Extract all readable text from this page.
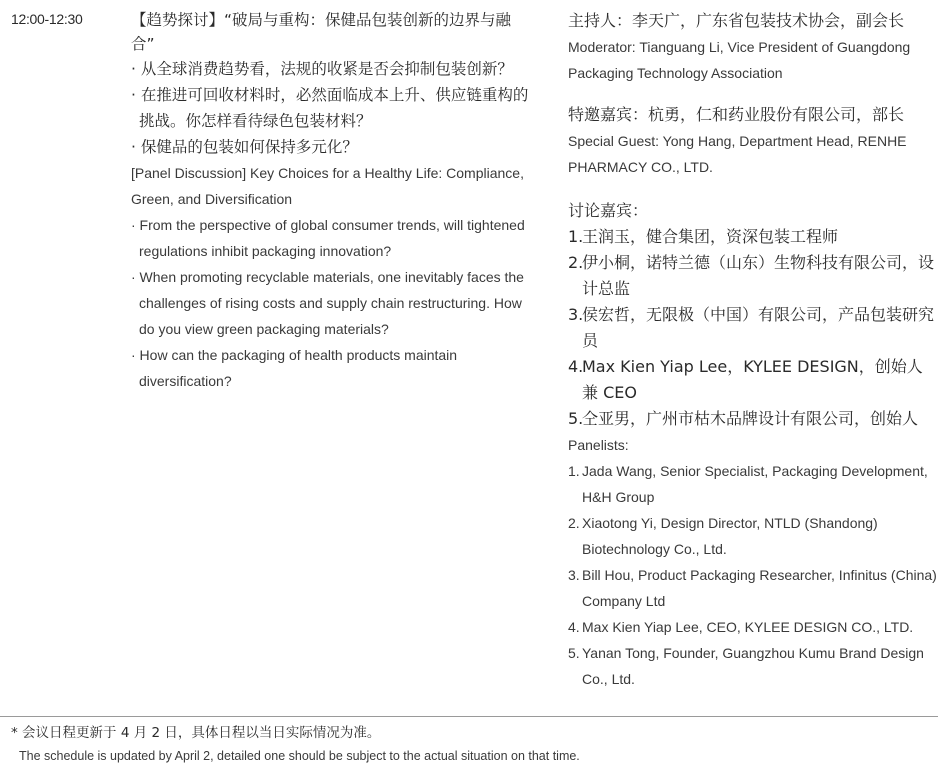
12:00-12:30	【趋势探讨】“破局与重构：保健品包装创新的边界与融合”

· 从全球消费趋势看，法规的收紧是否会抑制包装创新？

· 在推进可回收材料时，必然面临成本上升、供应链重构的挑战。你怎样看待绿色包装材料？

· 保健品的包装如何保持多元化？

[Panel Discussion] Key Choices for a Healthy Life: Compliance, Green, and Diversification

· From the perspective of global consumer trends, will tightened regulations inhibit packaging innovation?

· When promoting recyclable materials, one inevitably faces the challenges of rising costs and supply chain restructuring. How do you view green packaging materials?

· How can the packaging of health products maintain diversification?

主持人：李天广，广东省包装技术协会，副会长

Moderator: Tianguang Li, Vice President of Guangdong

Packaging Technology Association

特邀嘉宾：杭勇，仁和药业股份有限公司，部长

Special Guest: Yong Hang, Department Head, RENHE

PHARMACY CO., LTD.

讨论嘉宾：

1.
王润玉，健合集团，资深包装工程师
2.
伊小桐，诺特兰德（山东）生物科技有限公司，设计总监
3.
侯宏哲，无限极（中国）有限公司，产品包装研究员
4.
Max Kien Yiap Lee，KYLEE DESIGN，创始人兼 CEO
5.
仝亚男，广州市枯木品牌设计有限公司，创始人

Panelists:

1. Jada Wang, Senior Specialist, Packaging Development, H&H Group
2. Xiaotong Yi, Design Director, NTLD (Shandong) Biotechnology Co., Ltd.
3. Bill Hou, Product Packaging Researcher, Infinitus (China) Company Ltd
4. Max Kien Yiap Lee, CEO, KYLEE DESIGN CO., LTD.
5. Yanan Tong, Founder, Guangzhou Kumu Brand Design Co., Ltd.
* 会议日程更新于 4 月 2 日，具体日程以当日实际情况为准。
The schedule is updated by April 2, detailed one should be subject to the actual situation on that time.
